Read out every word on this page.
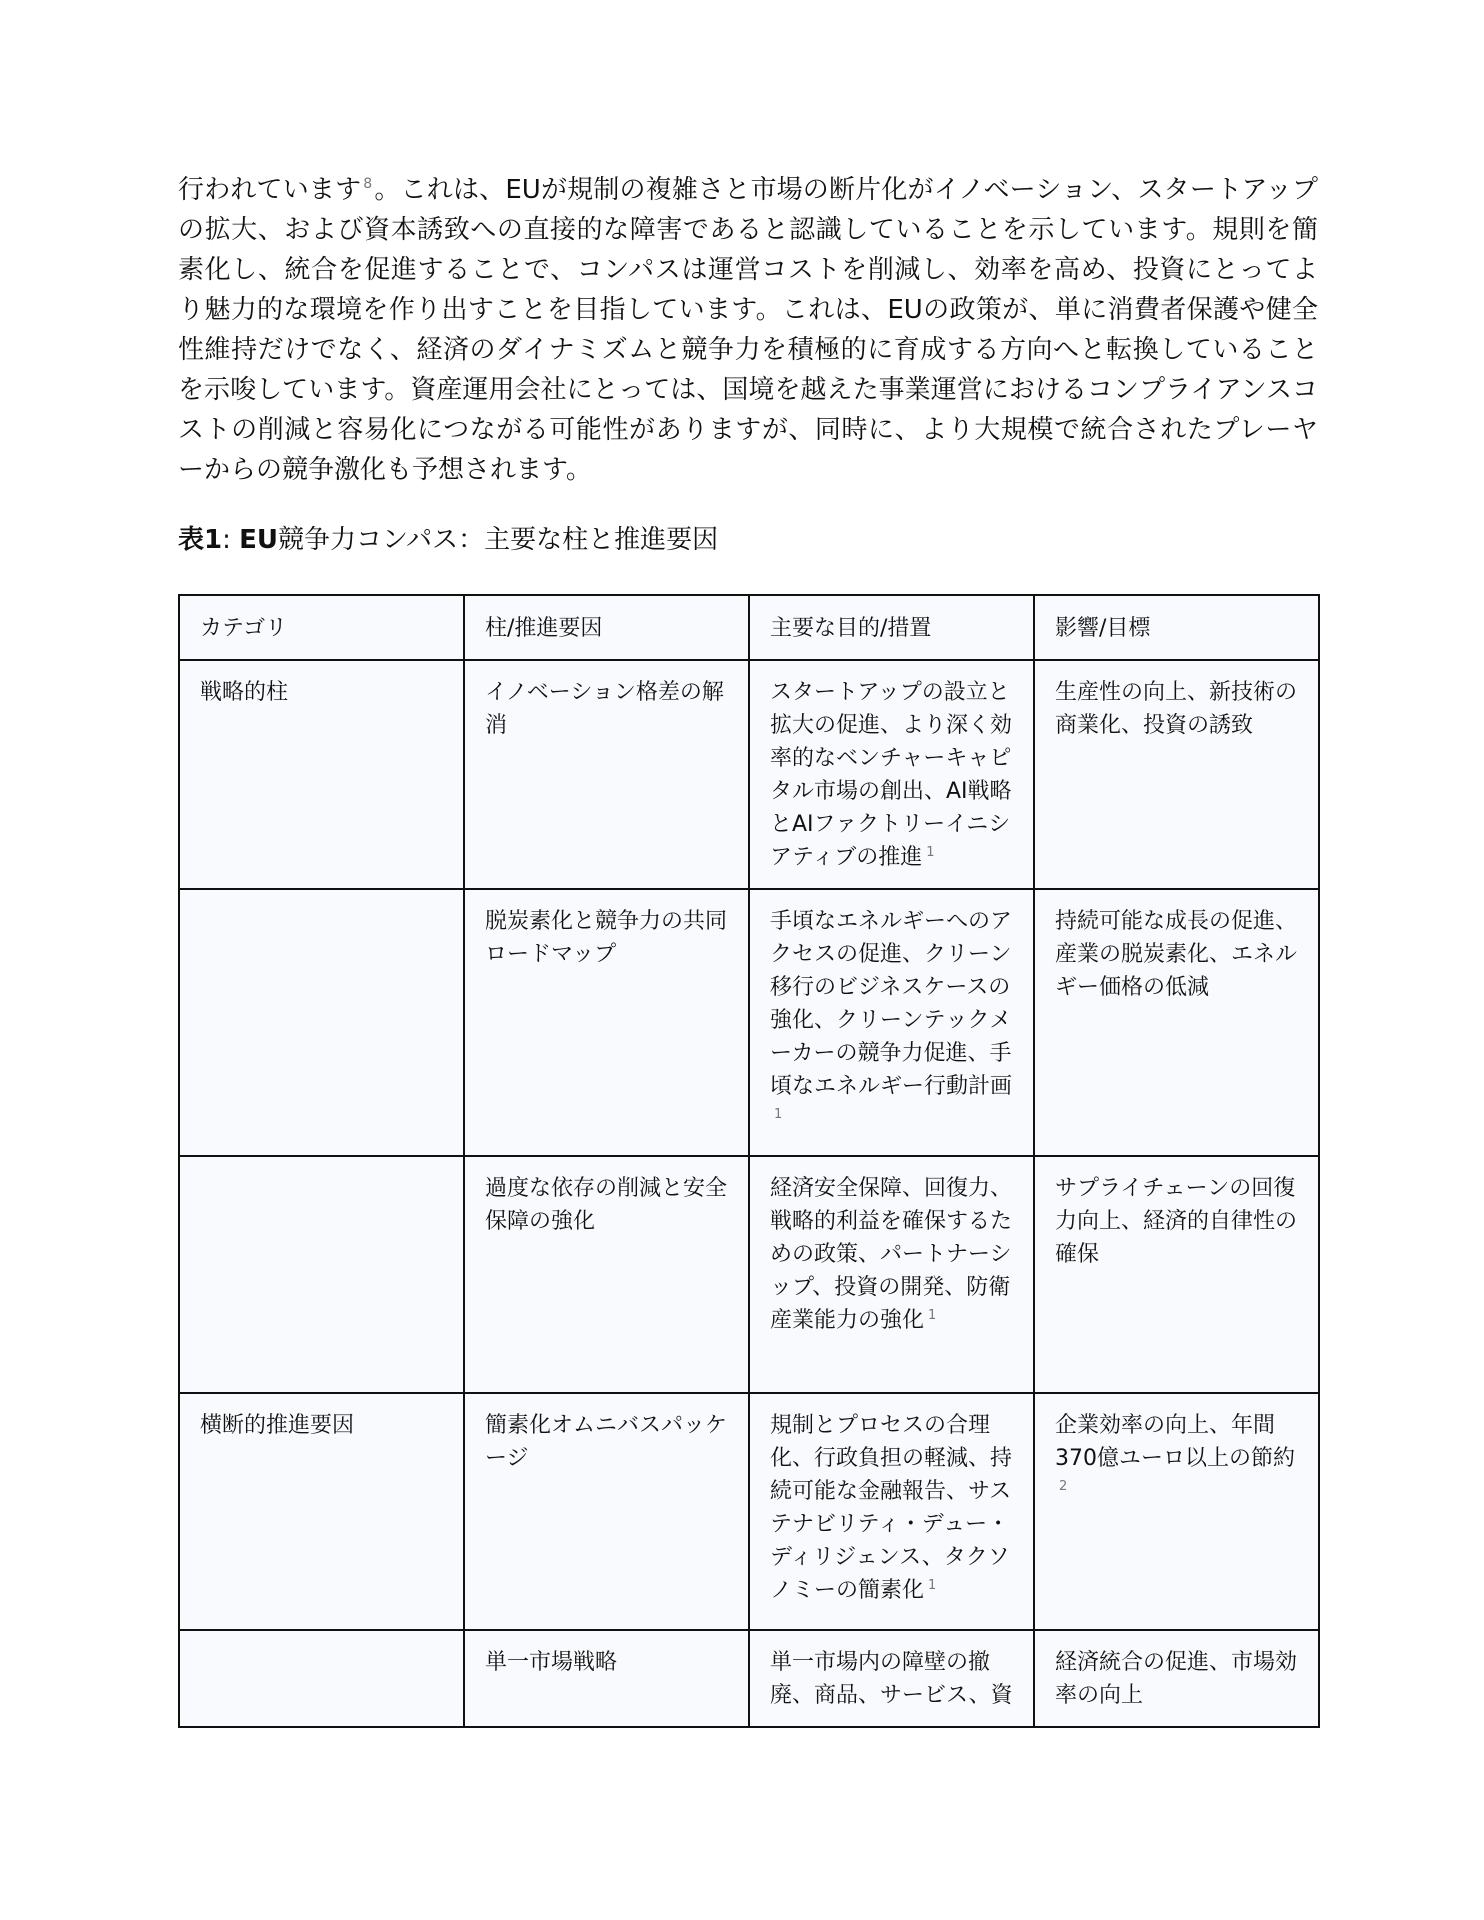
行われています $^8$。これは、EUが規制の複雑さと市場の断片化がイノベーション、スタートアップの拡大、および資本誘致への直接的な障害であると認識していることを示しています。規則を簡素化し、統合を促進することで、コンパスは運営コストを削減し、効率を高め、投資にとってより魅力的な環境を作り出すことを目指しています。これは、EUの政策が、単に消費者保護や健全性維持だけでなく、経済のダイナミズムと競争力を積極的に育成する方向へと転換していることを示唆しています。資産運用会社にとっては、国境を越えた事業運営におけるコンプライアンスコストの削減と容易化につながる可能性がありますが、同時に、より大規模で統合されたプレーヤーからの競争激化も予想されます。

表1: EU競争力コンパス：主要な柱と推進要因
カテゴリ	柱/推進要因	主要な目的/措置	影響/目標
戦略的柱	イノベーション格差の解消	スタートアップの設立と拡大の促進、より深く効率的なベンチャーキャピタル市場の創出、AI戦略とAIファクトリーイニシアティブの推進 $^1$	生産性の向上、新技術の商業化、投資の誘致
	脱炭素化と競争力の共同ロードマップ	手頃なエネルギーへのアクセスの促進、クリーン移行のビジネスケースの強化、クリーンテックメーカーの競争力促進、手頃なエネルギー行動計画$^1$	持続可能な成長の促進、産業の脱炭素化、エネルギー価格の低減
	過度な依存の削減と安全保障の強化	経済安全保障、回復力、戦略的利益を確保するための政策、パートナーシップ、投資の開発、防衛産業能力の強化 $^1$	サプライチェーンの回復力向上、経済的自律性の確保
横断的推進要因	簡素化オムニバスパッケージ	規制とプロセスの合理化、行政負担の軽減、持続可能な金融報告、サステナビリティ・デュー・ディリジェンス、タクソノミーの簡素化 $^1$	企業効率の向上、年間370億ユーロ以上の節約$^2$
	単一市場戦略	単一市場内の障壁の撤廃、商品、サービス、資	経済統合の促進、市場効率の向上
